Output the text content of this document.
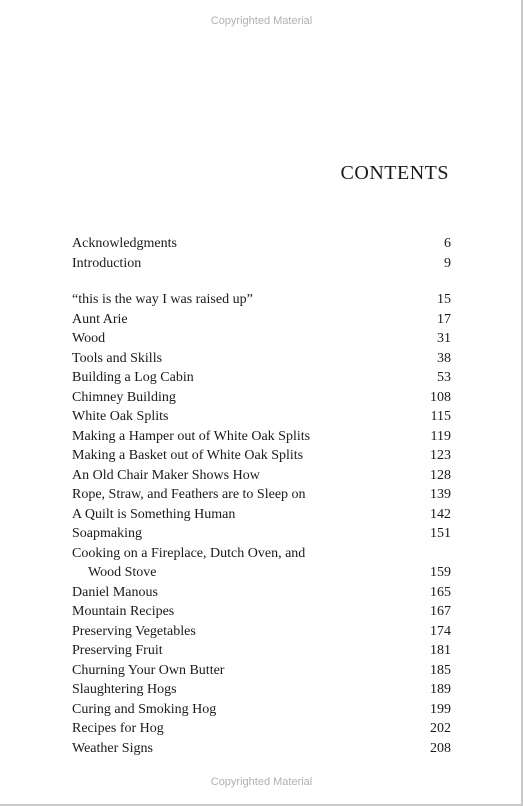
Copyrighted Material
CONTENTS
Acknowledgments	6
Introduction	9
“this is the way I was raised up”	15
Aunt Arie	17
Wood	31
Tools and Skills	38
Building a Log Cabin	53
Chimney Building	108
White Oak Splits	115
Making a Hamper out of White Oak Splits	119
Making a Basket out of White Oak Splits	123
An Old Chair Maker Shows How	128
Rope, Straw, and Feathers are to Sleep on	139
A Quilt is Something Human	142
Soapmaking	151
Cooking on a Fireplace, Dutch Oven, and
Wood Stove	159
Daniel Manous	165
Mountain Recipes	167
Preserving Vegetables	174
Preserving Fruit	181
Churning Your Own Butter	185
Slaughtering Hogs	189
Curing and Smoking Hog	199
Recipes for Hog	202
Weather Signs	208
Copyrighted Material
